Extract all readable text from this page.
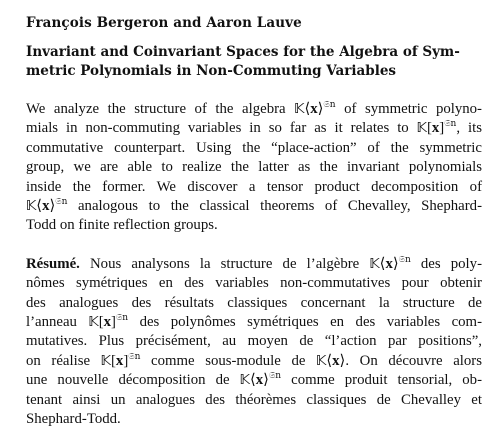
François Bergeron and Aaron Lauve
Invariant and Coinvariant Spaces for the Algebra of Sym-
metric Polynomials in Non-Commuting Variables
We analyze the structure of the algebra 𝕂⟨x⟩$^{𝔖n}$ of symmetric polyno-
mials in non-commuting variables in so far as it relates to $𝕂[x]^{𝔖n}$, its
commutative counterpart. Using the “place-action” of the symmetric
group, we are able to realize the latter as the invariant polynomials
inside the former. We discover a tensor product decomposition of
𝕂⟨x⟩$^{𝔖n}$ analogous to the classical theorems of Chevalley, Shephard-
Todd on finite reflection groups.
Résumé. Nous analysons la structure de l’algèbre 𝕂⟨x⟩$^{𝔖n}$ des poly-
nômes symétriques en des variables non-commutatives pour obtenir
des analogues des résultats classiques concernant la structure de
l’anneau $𝕂[x]^{𝔖n}$ des polynômes symétriques en des variables com-
mutatives. Plus précisément, au moyen de “l’action par positions”,
on réalise $𝕂[x]^{𝔖n}$ comme sous-module de 𝕂⟨x⟩. On découvre alors
une nouvelle décomposition de 𝕂⟨x⟩$^{𝔖n}$ comme produit tensorial, ob-
tenant ainsi un analogues des théorèmes classiques de Chevalley et
Shephard-Todd.
